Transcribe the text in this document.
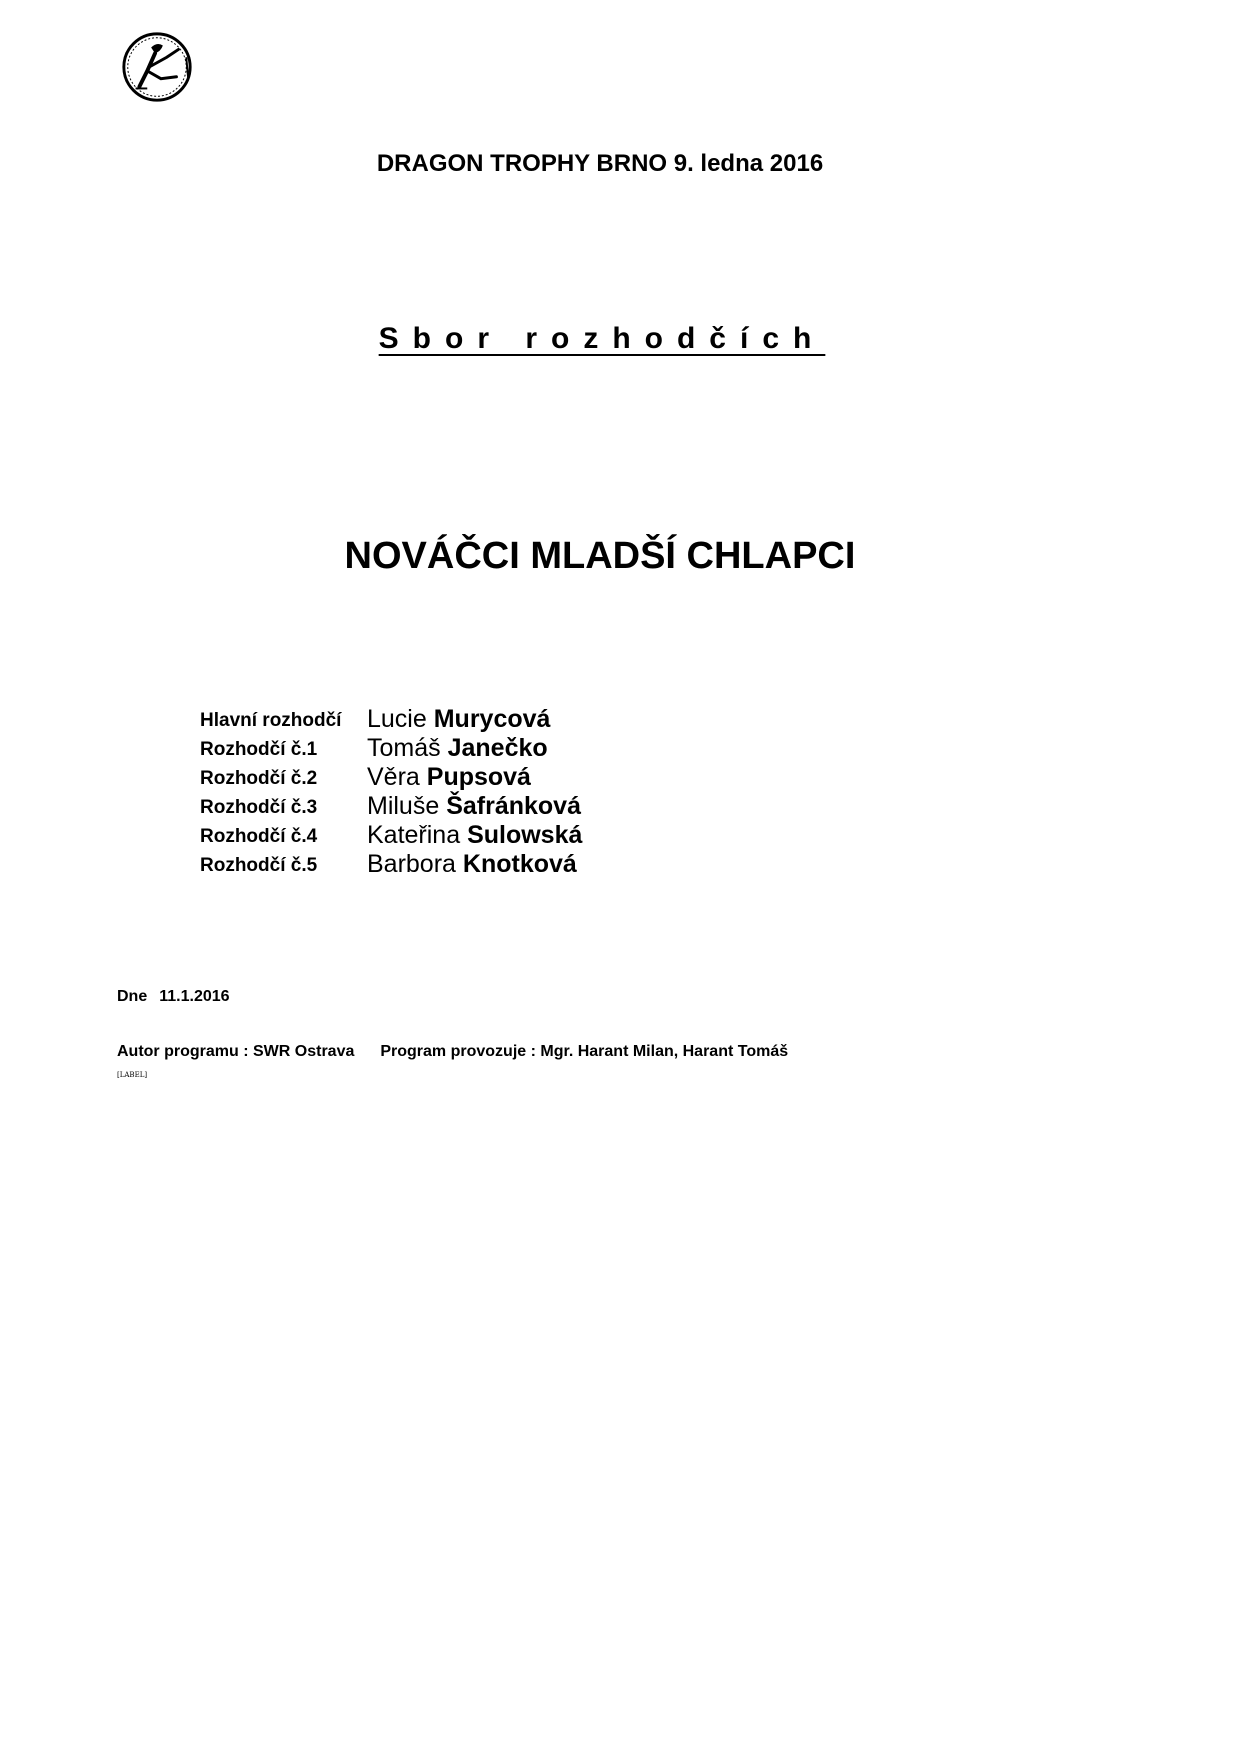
DRAGON TROPHY BRNO 9. ledna 2016
Sbor rozhodčích
NOVÁČCI MLADŠÍ CHLAPCI
Hlavní rozhodčí Lucie Murycová
Rozhodčí č.1 Tomáš Janečko
Rozhodčí č.2 Věra Pupsová
Rozhodčí č.3 Miluše Šafránková
Rozhodčí č.4 Kateřina Sulowská
Rozhodčí č.5 Barbora Knotková
Dne 11.1.2016
Autor programu : SWR Ostrava Program provozuje : Mgr. Harant Milan, Harant Tomáš
[LABEL]
